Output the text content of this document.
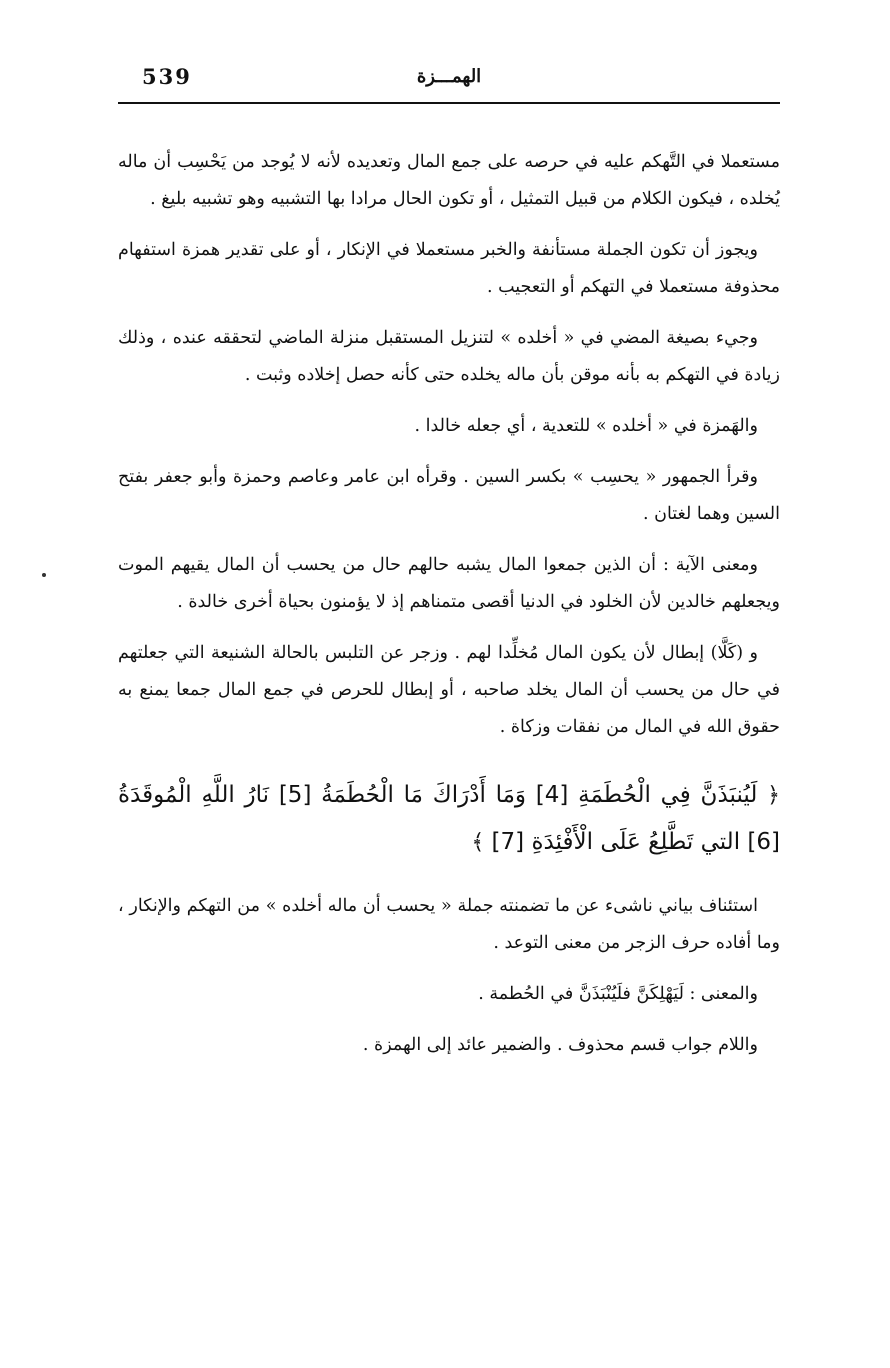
539	الهمـــزة

مستعملا في التَّهكم عليه في حرصه على جمع المال وتعديده لأنه لا يُوجد من يَحْسِب أن ماله يُخلده ، فيكون الكلام من قبيل التمثيل ، أو تكون الحال مرادا بها التشبيه وهو تشبيه بليغ .

ويجوز أن تكون الجملة مستأنفة والخبر مستعملا في الإنكار ، أو على تقدير همزة استفهام محذوفة مستعملا في التهكم أو التعجيب .

وجيء بصيغة المضي في « أخلده » لتنزيل المستقبل منزلة الماضي لتحققه عنده ، وذلك زيادة في التهكم به بأنه موقن بأن ماله يخلده حتى كأنه حصل إخلاده وثبت .

والهَمزة في « أخلده » للتعدية ، أي جعله خالدا .

وقرأ الجمهور « يحسِب » بكسر السين . وقرأه ابن عامر وعاصم وحمزة وأبو جعفر بفتح السين وهما لغتان .

ومعنى الآية : أن الذين جمعوا المال يشبه حالهم حال من يحسب أن المال يقيهم الموت ويجعلهم خالدين لأن الخلود في الدنيا أقصى متمناهم إذ لا يؤمنون بحياة أخرى خالدة .

و (كَلَّا) إبطال لأن يكون المال مُخلِّدا لهم . وزجر عن التلبس بالحالة الشنيعة التي جعلتهم في حال من يحسب أن المال يخلد صاحبه ، أو إبطال للحرص في جمع المال جمعا يمنع به حقوق الله في المال من نفقات وزكاة .

﴿ لَيُنبَذَنَّ فِي الْحُطَمَةِ [4] وَمَا أَدْرَاكَ مَا الْحُطَمَةُ [5] نَارُ اللَّهِ الْمُوقَدَةُ [6] التي تَطَّلِعُ عَلَى الْأَفْئِدَةِ [7] ﴾

استئناف بياني ناشىء عن ما تضمنته جملة « يحسب أن ماله أخلده » من التهكم والإنكار ، وما أفاده حرف الزجر من معنى التوعد .

والمعنى : لَيَهْلِكَنَّ فلَيُنْبَذَنَّ في الحُطمة .

واللام جواب قسم محذوف . والضمير عائد إلى الهمزة .
